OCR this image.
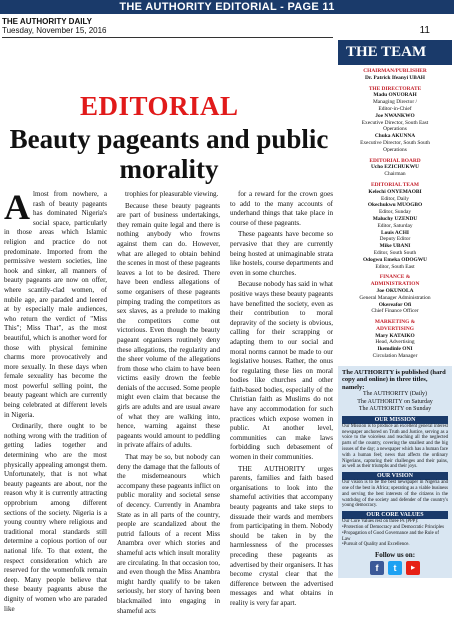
THE AUTHORITY EDITORIAL - PAGE 11
THE AUTHORITY DAILY
Tuesday, November 15, 2016	11
EDITORIAL
Beauty pageants and public morality

Almost from nowhere, a rash of beauty pageants has dominated Nigeria's social space, particularly in those areas which Islamic religion and practice do not predominate. Imported from the permissive western societies, line hook and sinker, all manners of beauty pageants are now on offer, where scantily-clad women, of nubile age, are paraded and leered at by especially male audiences, who return the verdict of "Miss This"; Miss That", as the most beautiful, which is another word for those with physical feminine charms more provocatively and more sexually. In these days when female sexuality has become the most powerful selling point, the beauty pageant which are currently being celebrated at different levels in Nigeria.

Ordinarily, there ought to be nothing wrong with the tradition of getting ladies together and determining who are the most physically appealing amongst them. Unfortunately, that is not what beauty pageants are about, nor the reason why it is currently attracting opprobrium among different sections of the society. Nigeria is a young country where religious and traditional moral standards still determine a copious portion of our national life. To that extent, the respect consideration which are reserved for the womenfolk remain deep. Many people believe that these beauty pageants abuse the dignity of women who are paraded like

trophies for pleasurable viewing.

Because these beauty pageants are part of business undertakings, they remain quite legal and there is nothing anybody who frowns against them can do. However, what are alleged to obtain behind the scenes in most of these pageants leaves a lot to be desired. There have been endless allegations of some organisers of these pageants pimping trading the competitors as sex slaves, as a prelude to making the competitors come out victorious. Even though the beauty pageant organisers routinely deny these allegations, the regularity and the sheer volume of the allegations from those who claim to have been victims easily drown the feeble denials of the accused. Some people might even claim that because the girls are adults and are usual aware of what they are walking into, hence, warning against these pageants would amount to peddling in private affairs of adults.

That may be so, but nobody can deny the damage that the fallouts of the misdemeanours which accompany these pageants inflict on public morality and societal sense of decency. Currently in Anambra State as in all parts of the country, people are scandalized about the putrid fallouts of a recent Miss Anambra over which stories and shameful acts which insult morality are circulating. In that occasion too, and even though the Miss Anambra might hardly qualify to be taken seriously, her story of having been blackmailed into engaging in shameful acts

for a reward for the crown goes to add to the many accounts of underhand things that take place in course of these pageants.

These pageants have become so pervasive that they are currently being hosted at unimaginable strata like hostels, course departments and even in some churches.

Because nobody has said in what positive ways these beauty pageants have benefitted the society, even as their contribution to moral depravity of the society is obvious, calling for their scrapping or adapting them to our social and moral norms cannot be made to our legislative houses. Rather, the onus for regulating these lies on moral bodies like churches and other faith-based bodies, especially of the Christian faith as Muslims do not have any accommodation for such practices which expose women in public. At another level, communities can make laws forbidding such debasement of women in their communities.

THE AUTHORITY urges parents, families and faith based organisations to look into the shameful activities that accompany beauty pageants and take steps to dissuade their wards and members from participating in them. Nobody should be taken in by the harmlessness of the processes preceding these pageants as advertised by their organisers. It has become crystal clear that the difference between the advertised messages and what obtains in reality is very far apart.

THE TEAM
CHAIRMAN/PUBLISHER
Dr. Patrick Ifeanyi UBAH
THE DIRECTORATE
Madu ONUORAH
Managing Director /
Editor-in-Chief
Joe NWANKWO
Executive Director, South East
Operations
Chuka AKUNNA
Executive Director, South South
Operations
EDITORIAL BOARD
Ucho EZICHUKWU
Chairman
EDITORIAL TEAM
Kelechi ONYEMAOBI
Editor, Daily
Okechukwu MUOGBO
Editor, Sunday
Maluchy UZENDU
Editor, Saturday
Louis ACHI
Deputy Editor
Mike UBANI
Editor, South South
Odogwu Emeka ODOGWU
Editor, South East
FINANCE &
ADMINISTRATION
Joe OKUNOLA
General Manager Administration
Okereafor Ofi
Chief Finance Officer
MARKETING &
ADVERTISING
Mary KATAIKO
Head, Advertising
Ikemdinle ONI
Circulation Manager
The AUTHORITY is published (hard copy and online) in three titles, namely:
The AUTHORITY (Daily)
The AUTHORITY on Saturday
The AUTHORITY on Sunday
OUR MISSION
Our Mission is to produce an excellent general interest newspaper anchored on Truth and Justice, serving as a voice to the voiceless and reaching all the neglected parts of the country, covering the smallest and the big issues of the day; a newspaper which has a human face with a human feel; news that affects the ordinary Nigerians, capturing their challenges and their pains, as well as their triumphs and their joys.
OUR VISION
Our vision is to be the best newspaper in Nigeria and one of the best in Africa; operating as a viable business and serving the best interests of the citizens in the watchdog of the society and defender of the country's young democracy.
OUR CORE VALUES
Our Core Values rest on three Ps (PPP):
•Protection of Democracy and Democratic Principles
•Propagation of Good Governance and the Rule of Law
•Pursuit of Quality and Excellence.
Follow us on:
f	t	▶
